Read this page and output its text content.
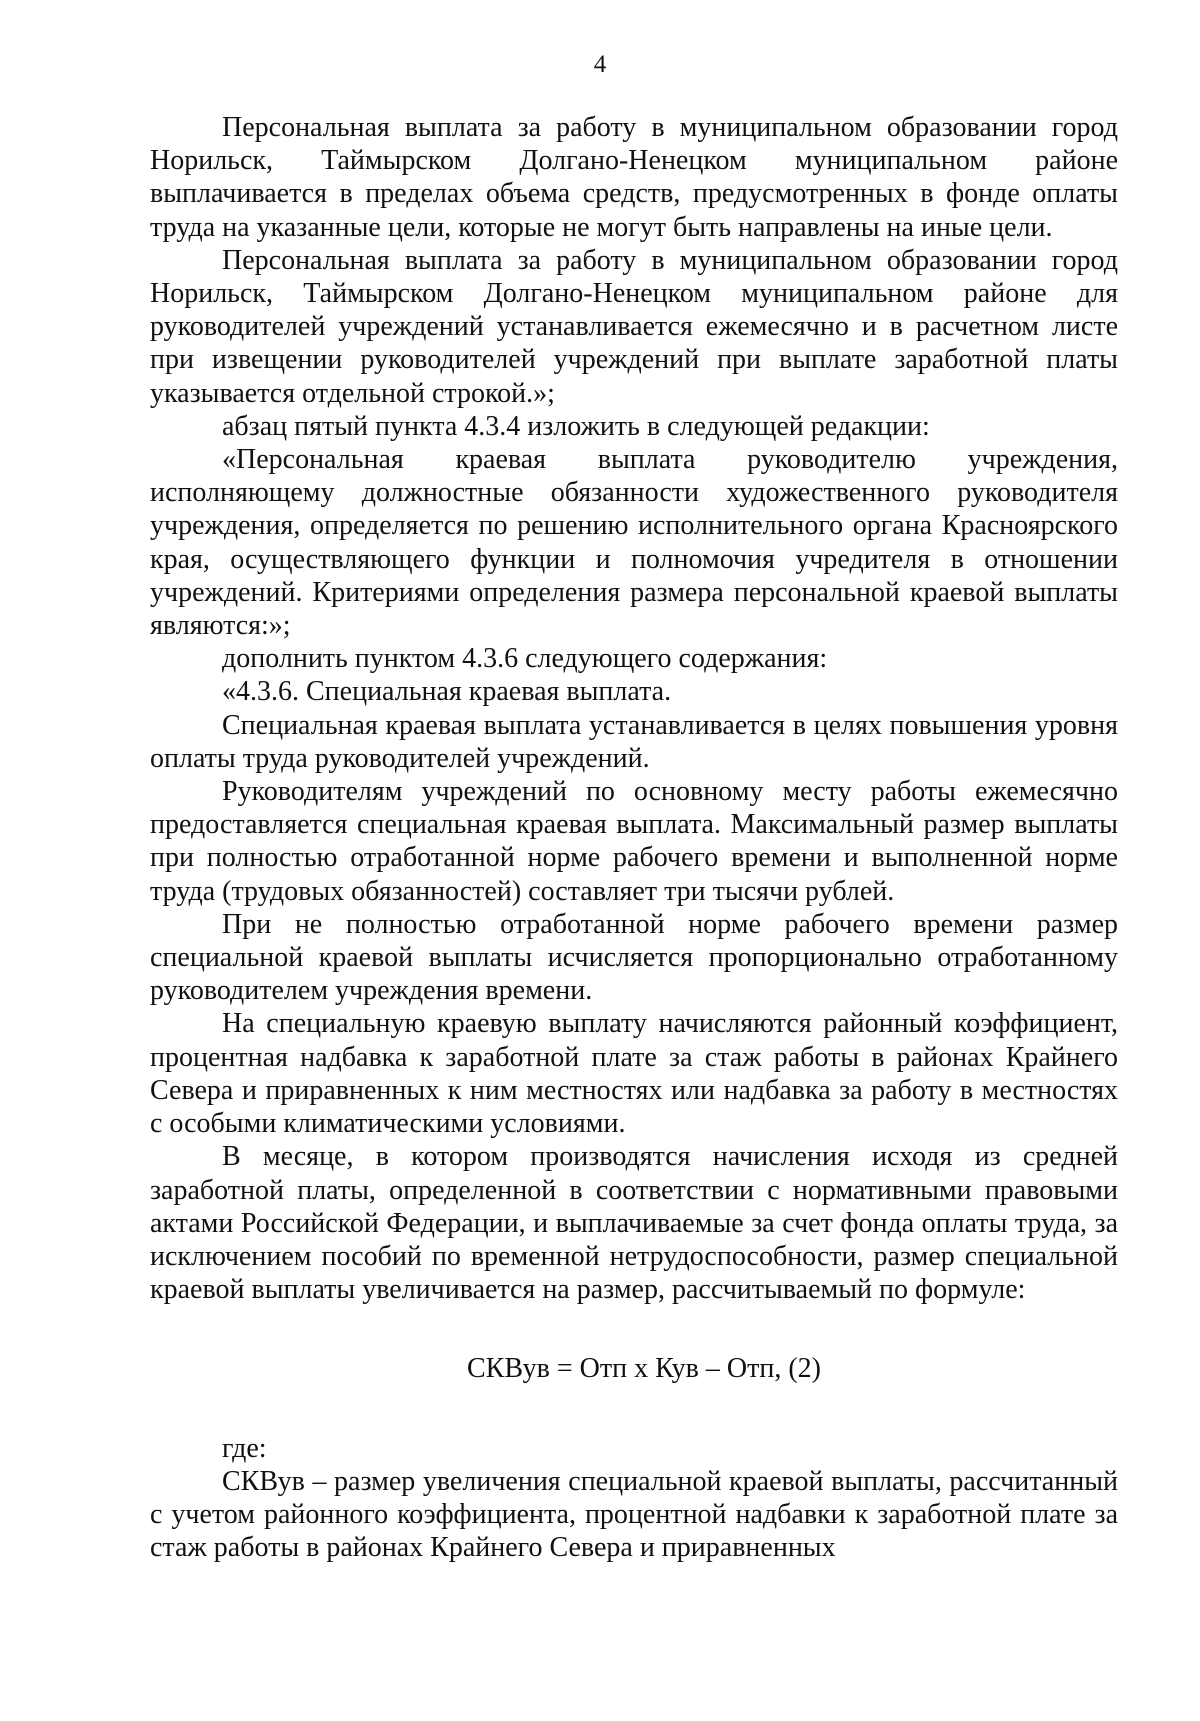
4

Персональная выплата за работу в муниципальном образовании город Норильск, Таймырском Долгано-Ненецком муниципальном районе выплачивается в пределах объема средств, предусмотренных в фонде оплаты труда на указанные цели, которые не могут быть направлены на иные цели.

Персональная выплата за работу в муниципальном образовании город Норильск, Таймырском Долгано-Ненецком муниципальном районе для руководителей учреждений устанавливается ежемесячно и в расчетном листе при извещении руководителей учреждений при выплате заработной платы указывается отдельной строкой.»;

абзац пятый пункта 4.3.4 изложить в следующей редакции:

«Персональная краевая выплата руководителю учреждения, исполняющему должностные обязанности художественного руководителя учреждения, определяется по решению исполнительного органа Красноярского края, осуществляющего функции и полномочия учредителя в отношении учреждений. Критериями определения размера персональной краевой выплаты являются:»;

дополнить пунктом 4.3.6 следующего содержания:

«4.3.6. Специальная краевая выплата.

Специальная краевая выплата устанавливается в целях повышения уровня оплаты труда руководителей учреждений.

Руководителям учреждений по основному месту работы ежемесячно предоставляется специальная краевая выплата. Максимальный размер выплаты при полностью отработанной норме рабочего времени и выполненной норме труда (трудовых обязанностей) составляет три тысячи рублей.

При не полностью отработанной норме рабочего времени размер специальной краевой выплаты исчисляется пропорционально отработанному руководителем учреждения времени.

На специальную краевую выплату начисляются районный коэффициент, процентная надбавка к заработной плате за стаж работы в районах Крайнего Севера и приравненных к ним местностях или надбавка за работу в местностях с особыми климатическими условиями.

В месяце, в котором производятся начисления исходя из средней заработной платы, определенной в соответствии с нормативными правовыми актами Российской Федерации, и выплачиваемые за счет фонда оплаты труда, за исключением пособий по временной нетрудоспособности, размер специальной краевой выплаты увеличивается на размер, рассчитываемый по формуле:

СКВув = Отп х Кув – Отп, (2)

где:

СКВув – размер увеличения специальной краевой выплаты, рассчитанный с учетом районного коэффициента, процентной надбавки к заработной плате за стаж работы в районах Крайнего Севера и приравненных
